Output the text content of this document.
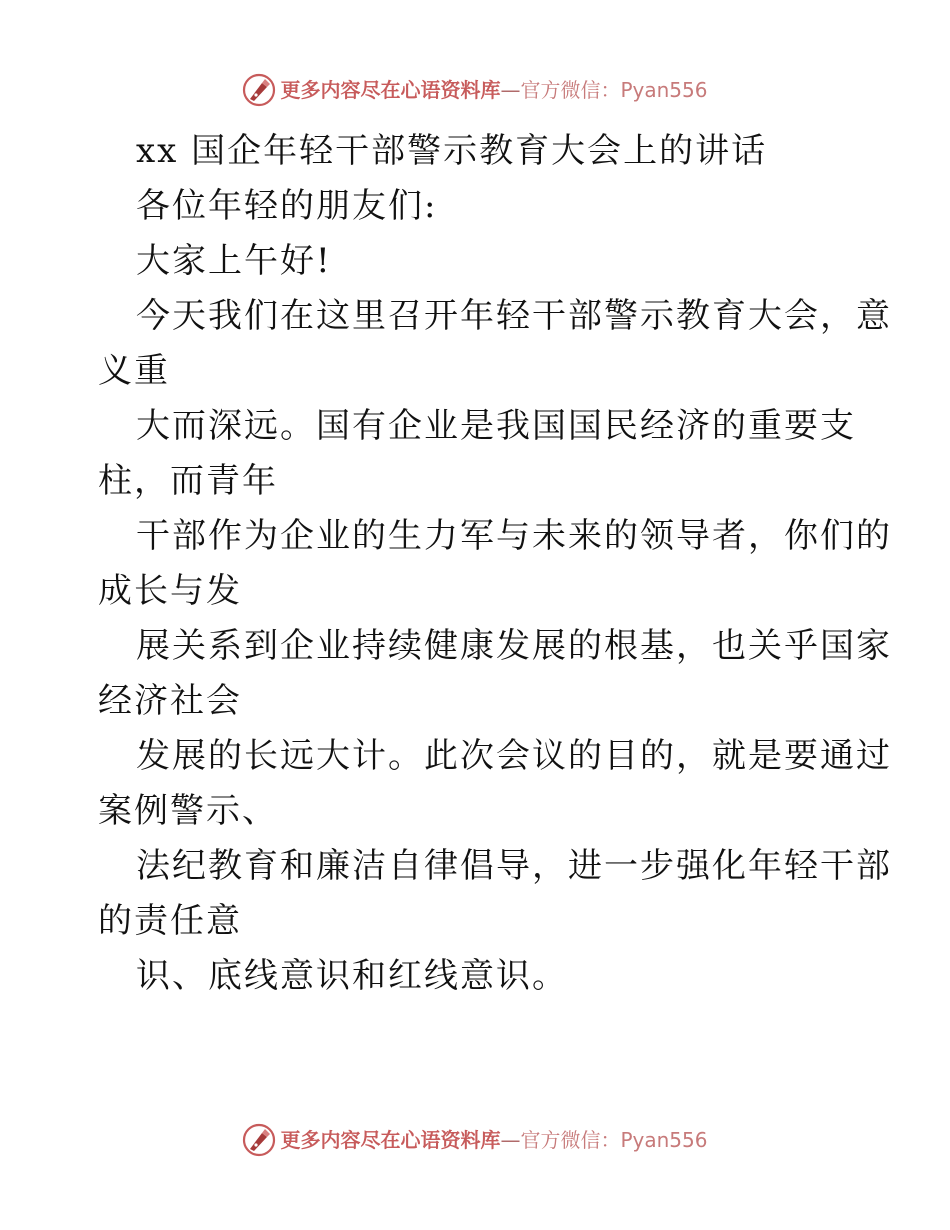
更多内容尽在心语资料库—官方微信：Pyan556
xx 国企年轻干部警示教育大会上的讲话
各位年轻的朋友们:
大家上午好!
今天我们在这里召开年轻干部警示教育大会，意
义重
大而深远。国有企业是我国国民经济的重要支
柱，而青年
干部作为企业的生力军与未来的领导者，你们的
成长与发
展关系到企业持续健康发展的根基，也关乎国家
经济社会
发展的长远大计。此次会议的目的，就是要通过
案例警示、
法纪教育和廉洁自律倡导，进一步强化年轻干部
的责任意
识、底线意识和红线意识。
更多内容尽在心语资料库—官方微信：Pyan556
